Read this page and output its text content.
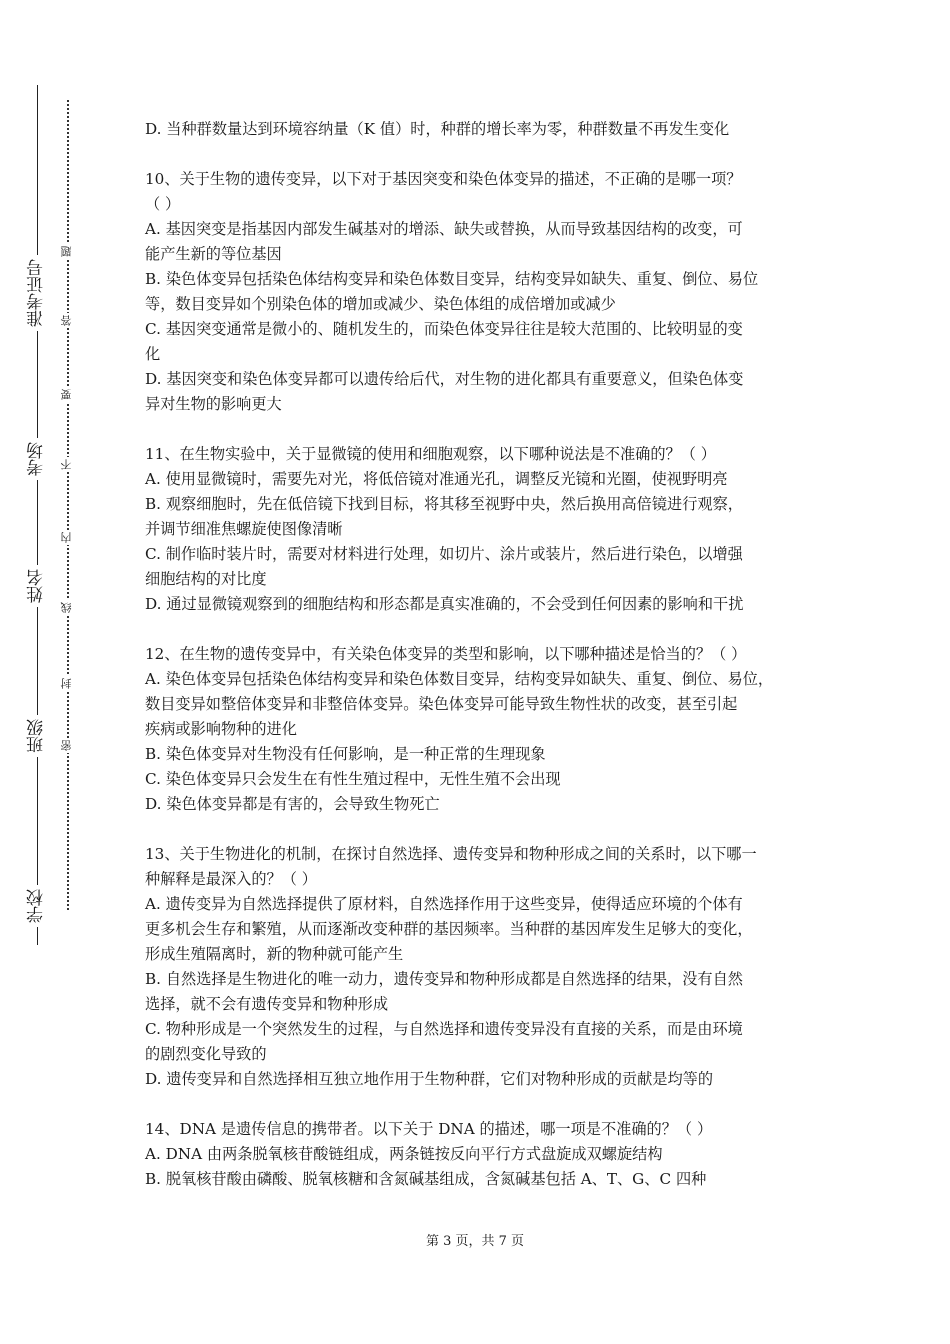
学校
班级
姓名
考场
准考证号
密
封
线
内
不
要
答
题
D. 当种群数量达到环境容纳量（K 值）时，种群的增长率为零，种群数量不再发生变化
10、关于生物的遗传变异，以下对于基因突变和染色体变异的描述，不正确的是哪一项？
（ ）
A. 基因突变是指基因内部发生碱基对的增添、缺失或替换，从而导致基因结构的改变，可
能产生新的等位基因
B. 染色体变异包括染色体结构变异和染色体数目变异，结构变异如缺失、重复、倒位、易位
等，数目变异如个别染色体的增加或减少、染色体组的成倍增加或减少
C. 基因突变通常是微小的、随机发生的，而染色体变异往往是较大范围的、比较明显的变
化
D. 基因突变和染色体变异都可以遗传给后代，对生物的进化都具有重要意义，但染色体变
异对生物的影响更大
11、在生物实验中，关于显微镜的使用和细胞观察，以下哪种说法是不准确的？（ ）
A. 使用显微镜时，需要先对光，将低倍镜对准通光孔，调整反光镜和光圈，使视野明亮
B. 观察细胞时，先在低倍镜下找到目标，将其移至视野中央，然后换用高倍镜进行观察，
并调节细准焦螺旋使图像清晰
C. 制作临时装片时，需要对材料进行处理，如切片、涂片或装片，然后进行染色，以增强
细胞结构的对比度
D. 通过显微镜观察到的细胞结构和形态都是真实准确的，不会受到任何因素的影响和干扰
12、在生物的遗传变异中，有关染色体变异的类型和影响，以下哪种描述是恰当的？（ ）
A. 染色体变异包括染色体结构变异和染色体数目变异，结构变异如缺失、重复、倒位、易位，
数目变异如整倍体变异和非整倍体变异。染色体变异可能导致生物性状的改变，甚至引起
疾病或影响物种的进化
B. 染色体变异对生物没有任何影响，是一种正常的生理现象
C. 染色体变异只会发生在有性生殖过程中，无性生殖不会出现
D. 染色体变异都是有害的，会导致生物死亡
13、关于生物进化的机制，在探讨自然选择、遗传变异和物种形成之间的关系时，以下哪一
种解释是最深入的？（ ）
A. 遗传变异为自然选择提供了原材料，自然选择作用于这些变异，使得适应环境的个体有
更多机会生存和繁殖，从而逐渐改变种群的基因频率。当种群的基因库发生足够大的变化，
形成生殖隔离时，新的物种就可能产生
B. 自然选择是生物进化的唯一动力，遗传变异和物种形成都是自然选择的结果，没有自然
选择，就不会有遗传变异和物种形成
C. 物种形成是一个突然发生的过程，与自然选择和遗传变异没有直接的关系，而是由环境
的剧烈变化导致的
D. 遗传变异和自然选择相互独立地作用于生物种群，它们对物种形成的贡献是均等的
14、DNA 是遗传信息的携带者。以下关于 DNA 的描述，哪一项是不准确的？（ ）
A. DNA 由两条脱氧核苷酸链组成，两条链按反向平行方式盘旋成双螺旋结构
B. 脱氧核苷酸由磷酸、脱氧核糖和含氮碱基组成，含氮碱基包括 A、T、G、C 四种
第 3 页，共 7 页
